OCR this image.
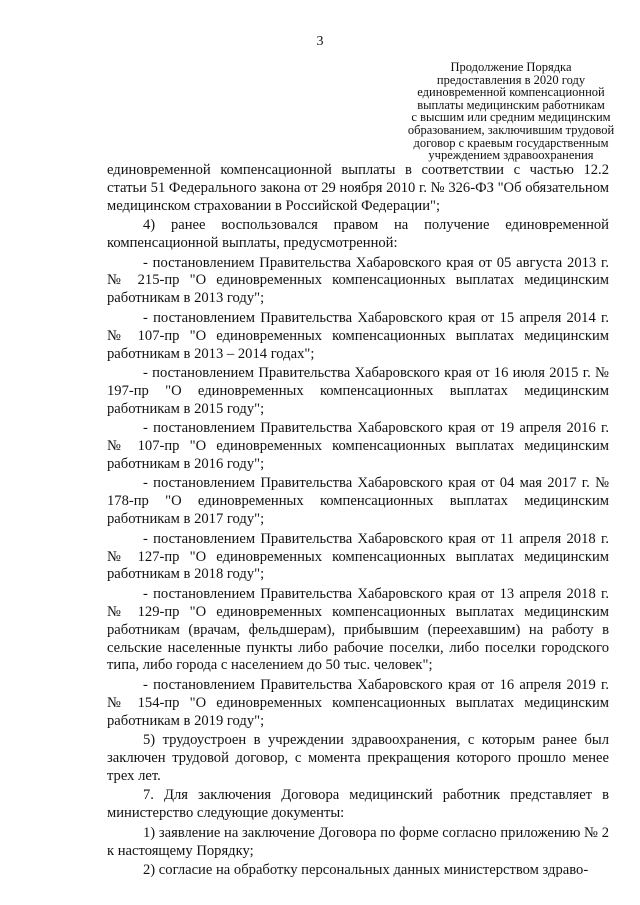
3
Продолжение Порядка
предоставления в 2020 году
единовременной компенсационной
выплаты медицинским работникам
с высшим или средним медицинским
образованием, заключившим трудовой
договор с краевым государственным
учреждением здравоохранения

единовременной компенсационной выплаты в соответствии с частью 12.2 статьи 51 Федерального закона от 29 ноября 2010 г. № 326-ФЗ "Об обязательном медицинском страховании в Российской Федерации";

4) ранее воспользовался правом на получение единовременной компенсационной выплаты, предусмотренной:

- постановлением Правительства Хабаровского края от 05 августа 2013 г. № 215-пр "О единовременных компенсационных выплатах медицинским работникам в 2013 году";

- постановлением Правительства Хабаровского края от 15 апреля 2014 г. № 107-пр "О единовременных компенсационных выплатах медицинским работникам в 2013 – 2014 годах";

- постановлением Правительства Хабаровского края от 16 июля 2015 г. № 197-пр "О единовременных компенсационных выплатах медицинским работникам в 2015 году";

- постановлением Правительства Хабаровского края от 19 апреля 2016 г. № 107-пр "О единовременных компенсационных выплатах медицинским работникам в 2016 году";

- постановлением Правительства Хабаровского края от 04 мая 2017 г. № 178-пр "О единовременных компенсационных выплатах медицинским работникам в 2017 году";

- постановлением Правительства Хабаровского края от 11 апреля 2018 г. № 127-пр "О единовременных компенсационных выплатах медицинским работникам в 2018 году";

- постановлением Правительства Хабаровского края от 13 апреля 2018 г. № 129-пр "О единовременных компенсационных выплатах медицинским работникам (врачам, фельдшерам), прибывшим (переехавшим) на работу в сельские населенные пункты либо рабочие поселки, либо поселки городского типа, либо города с населением до 50 тыс. человек";

- постановлением Правительства Хабаровского края от 16 апреля 2019 г. № 154-пр "О единовременных компенсационных выплатах медицинским работникам в 2019 году";

5) трудоустроен в учреждении здравоохранения, с которым ранее был заключен трудовой договор, с момента прекращения которого прошло менее трех лет.

7. Для заключения Договора медицинский работник представляет в министерство следующие документы:

1) заявление на заключение Договора по форме согласно приложению № 2 к настоящему Порядку;

2) согласие на обработку персональных данных министерством здраво-
